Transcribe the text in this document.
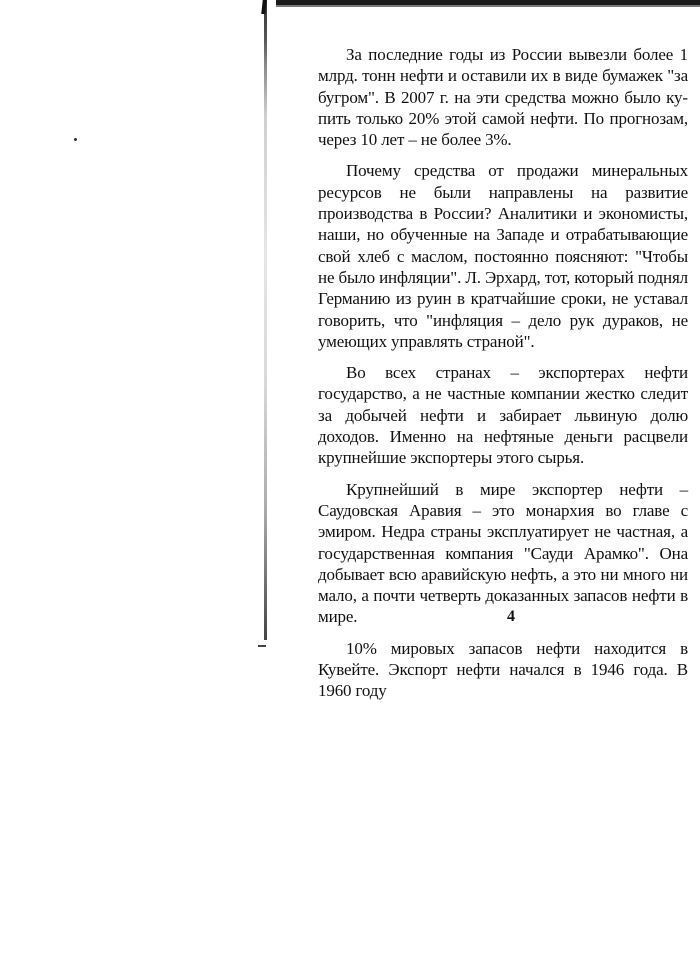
За последние годы из России вывезли более 1 млрд. тонн нефти и оставили их в виде бумажек "за бугром". В 2007 г. на эти средства можно было купить только 20% этой самой нефти. По прогнозам, через 10 лет – не более 3%.

Почему средства от продажи минеральных ресурсов не были направлены на развитие производства в России? Аналитики и экономисты, наши, но обученные на Западе и отрабатывающие свой хлеб с маслом, постоянно поясняют: "Чтобы не было инфляции". Л. Эрхард, тот, который поднял Германию из руин в кратчайшие сроки, не уставал говорить, что "инфляция – дело рук дураков, не умеющих управлять страной".

Во всех странах – экспортерах нефти государство, а не частные компании жестко следит за добычей нефти и забирает львиную долю доходов. Именно на нефтяные деньги расцвели крупнейшие экспортеры этого сырья.

Крупнейший в мире экспортер нефти – Саудовская Аравия – это монархия во главе с эмиром. Недра страны эксплуатирует не частная, а государственная компания "Сауди Арамко". Она добывает всю аравийскую нефть, а это ни много ни мало, а почти четверть доказанных запасов нефти в мире.

10% мировых запасов нефти находится в Кувейте. Экспорт нефти начался в 1946 года. В 1960 году

4
